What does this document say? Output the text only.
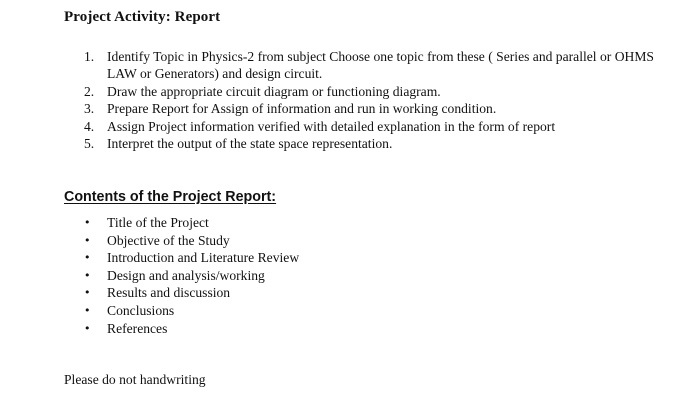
Project Activity: Report
1. Identify Topic in Physics-2 from subject Choose one topic from these ( Series and parallel or OHMS LAW or Generators) and design circuit.
2. Draw the appropriate circuit diagram or functioning diagram.
3. Prepare Report for Assign of information and run in working condition.
4. Assign Project information verified with detailed explanation in the form of report
5. Interpret the output of the state space representation.
Contents of the Project Report:
• Title of the Project
• Objective of the Study
• Introduction and Literature Review
• Design and analysis/working
• Results and discussion
• Conclusions
• References
Please do not handwriting
